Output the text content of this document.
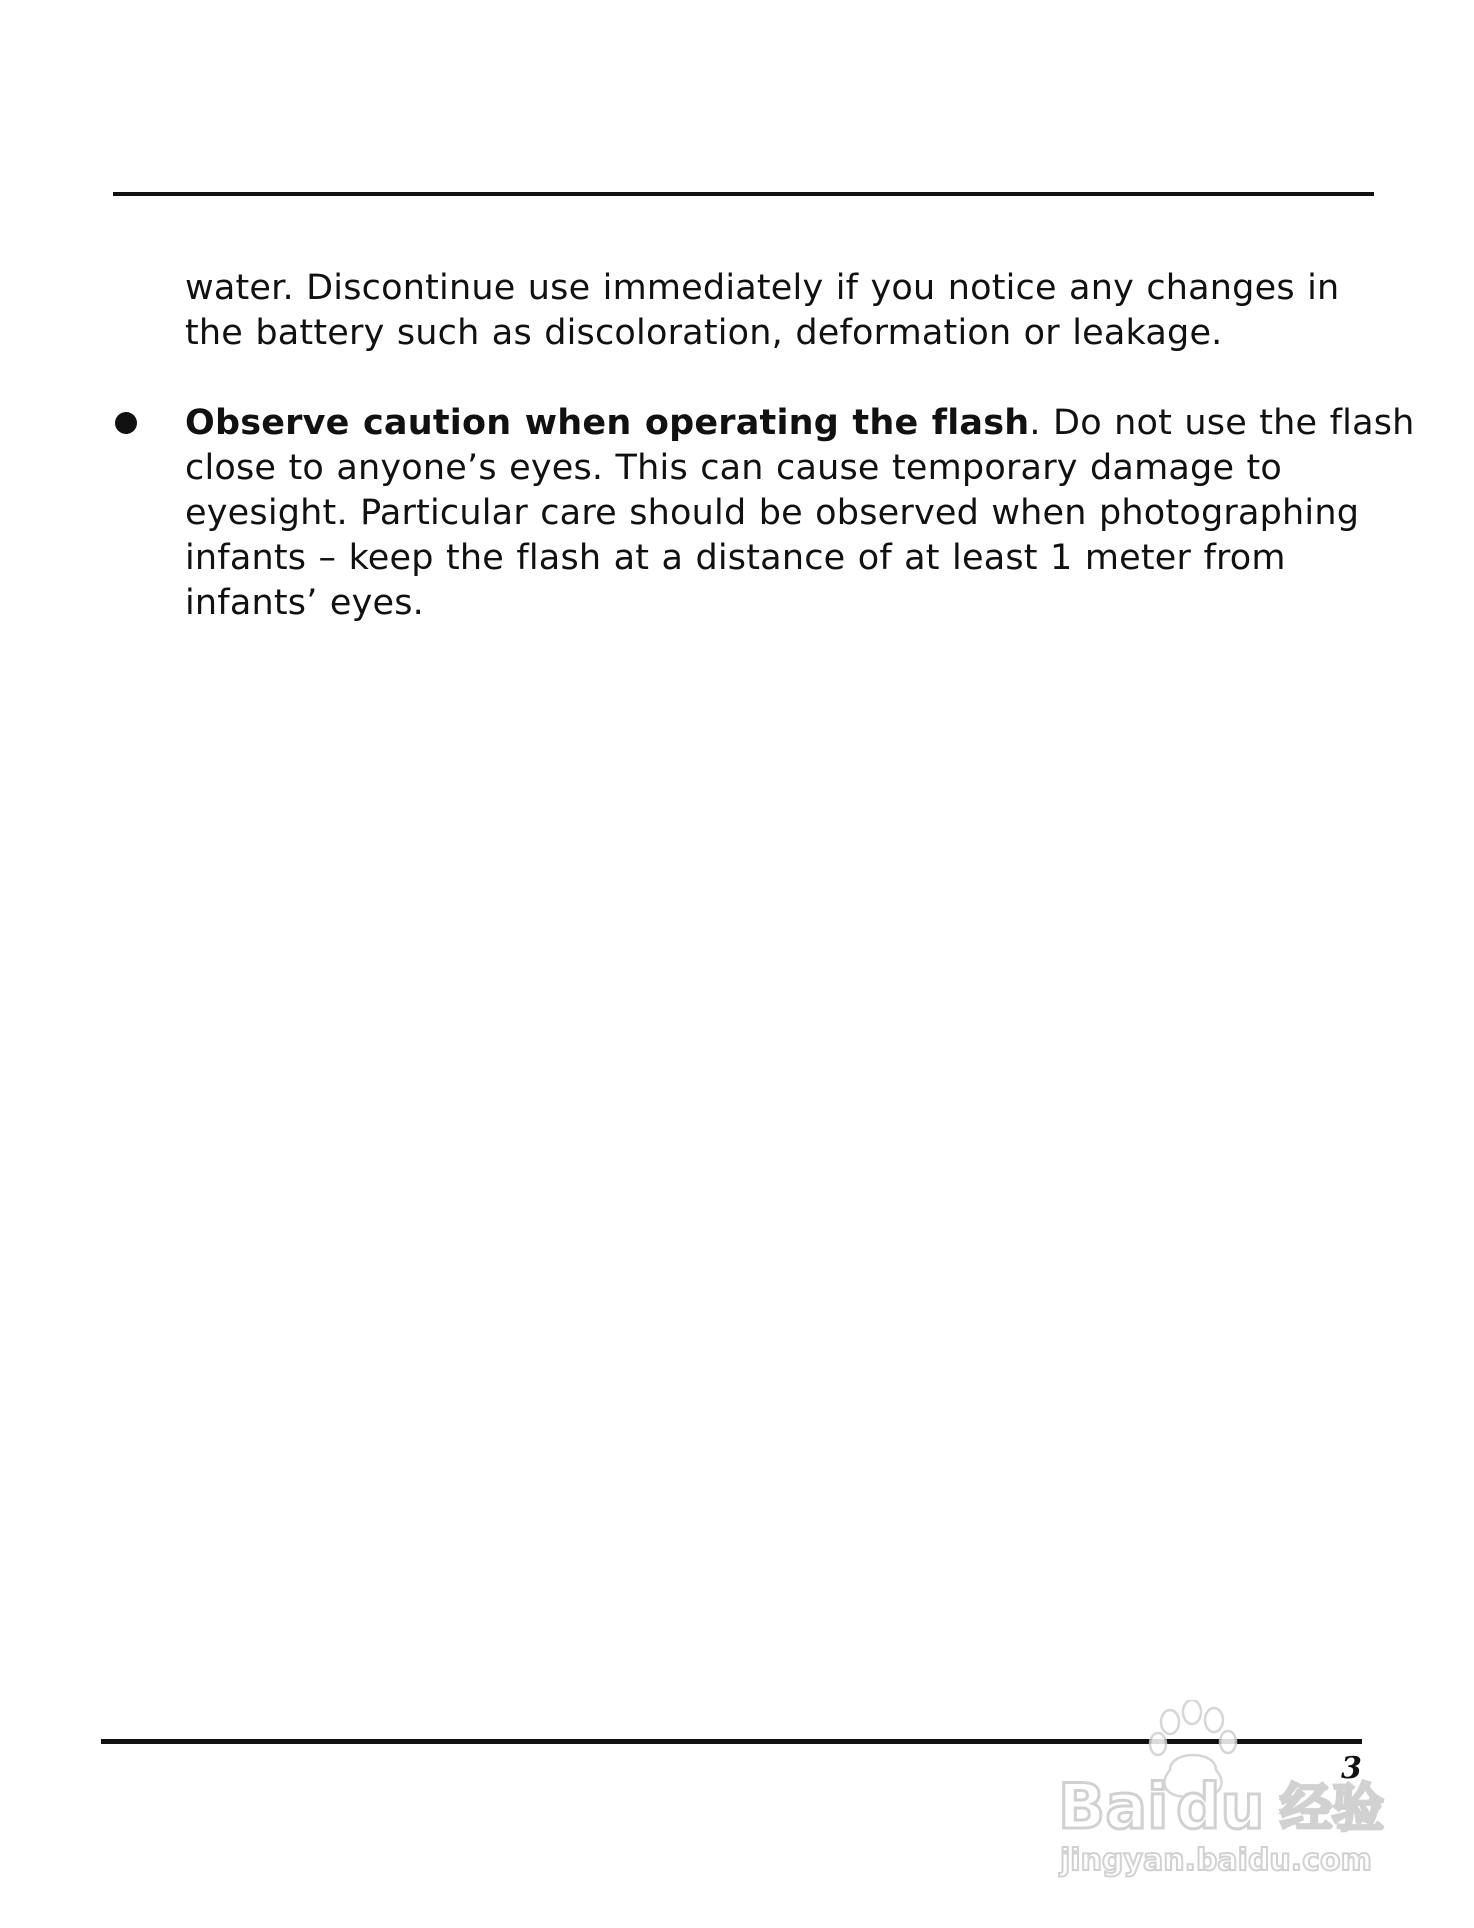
water. Discontinue use immediately if you notice any changes in
the battery such as discoloration, deformation or leakage.
Observe caution when operating the flash. Do not use the flash
close to anyone’s eyes. This can cause temporary damage to
eyesight. Particular care should be observed when photographing
infants – keep the flash at a distance of at least 1 meter from
infants’ eyes.
3
Bai du 经验
jingyan.baidu.com
